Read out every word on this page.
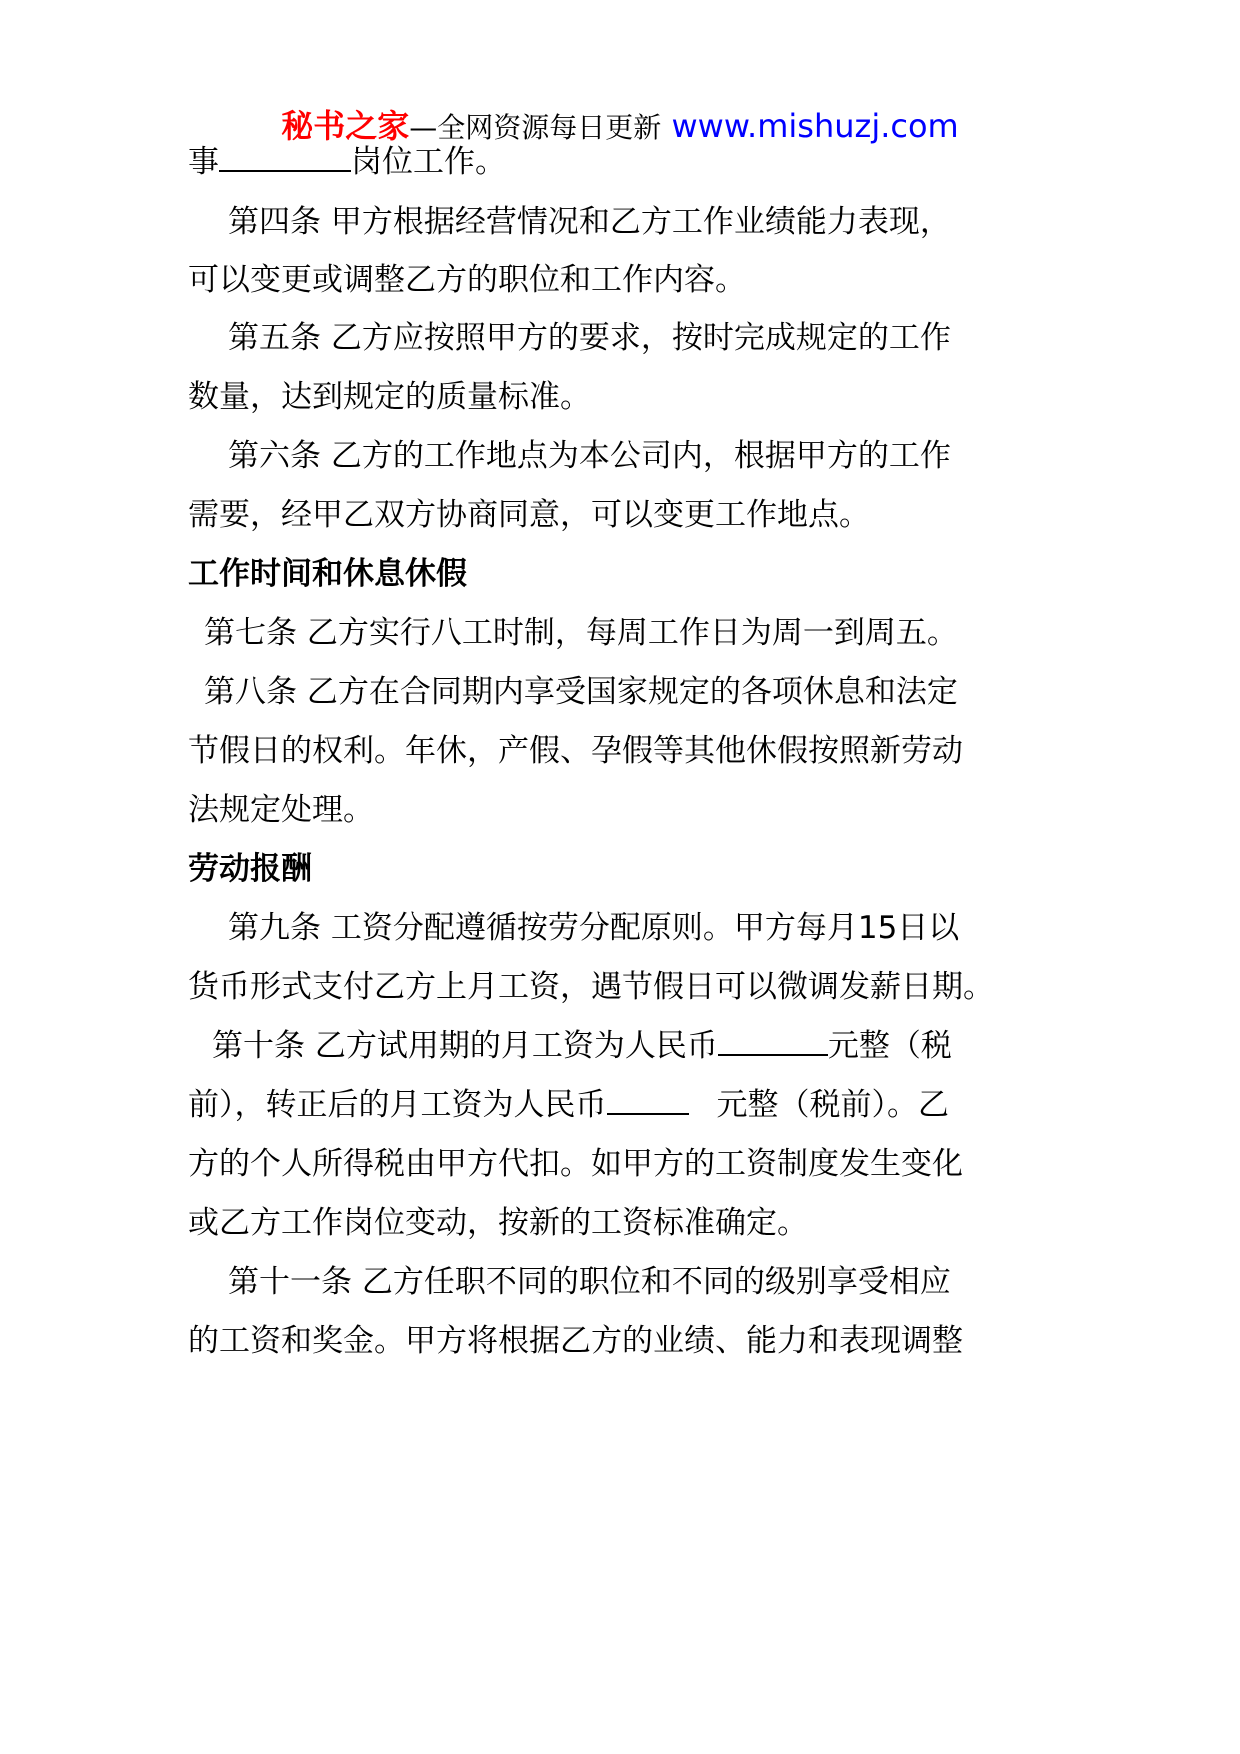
秘书之家—全网资源每日更新 www.mishuzj.com
事	岗位工作。
第四条 甲方根据经营情况和乙方工作业绩能力表现，
可以变更或调整乙方的职位和工作内容。
第五条 乙方应按照甲方的要求，按时完成规定的工作
数量，达到规定的质量标准。
第六条 乙方的工作地点为本公司内，根据甲方的工作
需要，经甲乙双方协商同意，可以变更工作地点。
工作时间和休息休假
第七条 乙方实行八工时制，每周工作日为周一到周五。
第八条 乙方在合同期内享受国家规定的各项休息和法定
节假日的权利。年休，产假、孕假等其他休假按照新劳动
法规定处理。
劳动报酬
第九条 工资分配遵循按劳分配原则。甲方每月15日以
货币形式支付乙方上月工资，遇节假日可以微调发薪日期。
第十条 乙方试用期的月工资为人民币	元整（税
前），转正后的月工资为人民币	元整（税前）。乙
方的个人所得税由甲方代扣。如甲方的工资制度发生变化
或乙方工作岗位变动，按新的工资标准确定。
第十一条 乙方任职不同的职位和不同的级别享受相应
的工资和奖金。甲方将根据乙方的业绩、能力和表现调整
